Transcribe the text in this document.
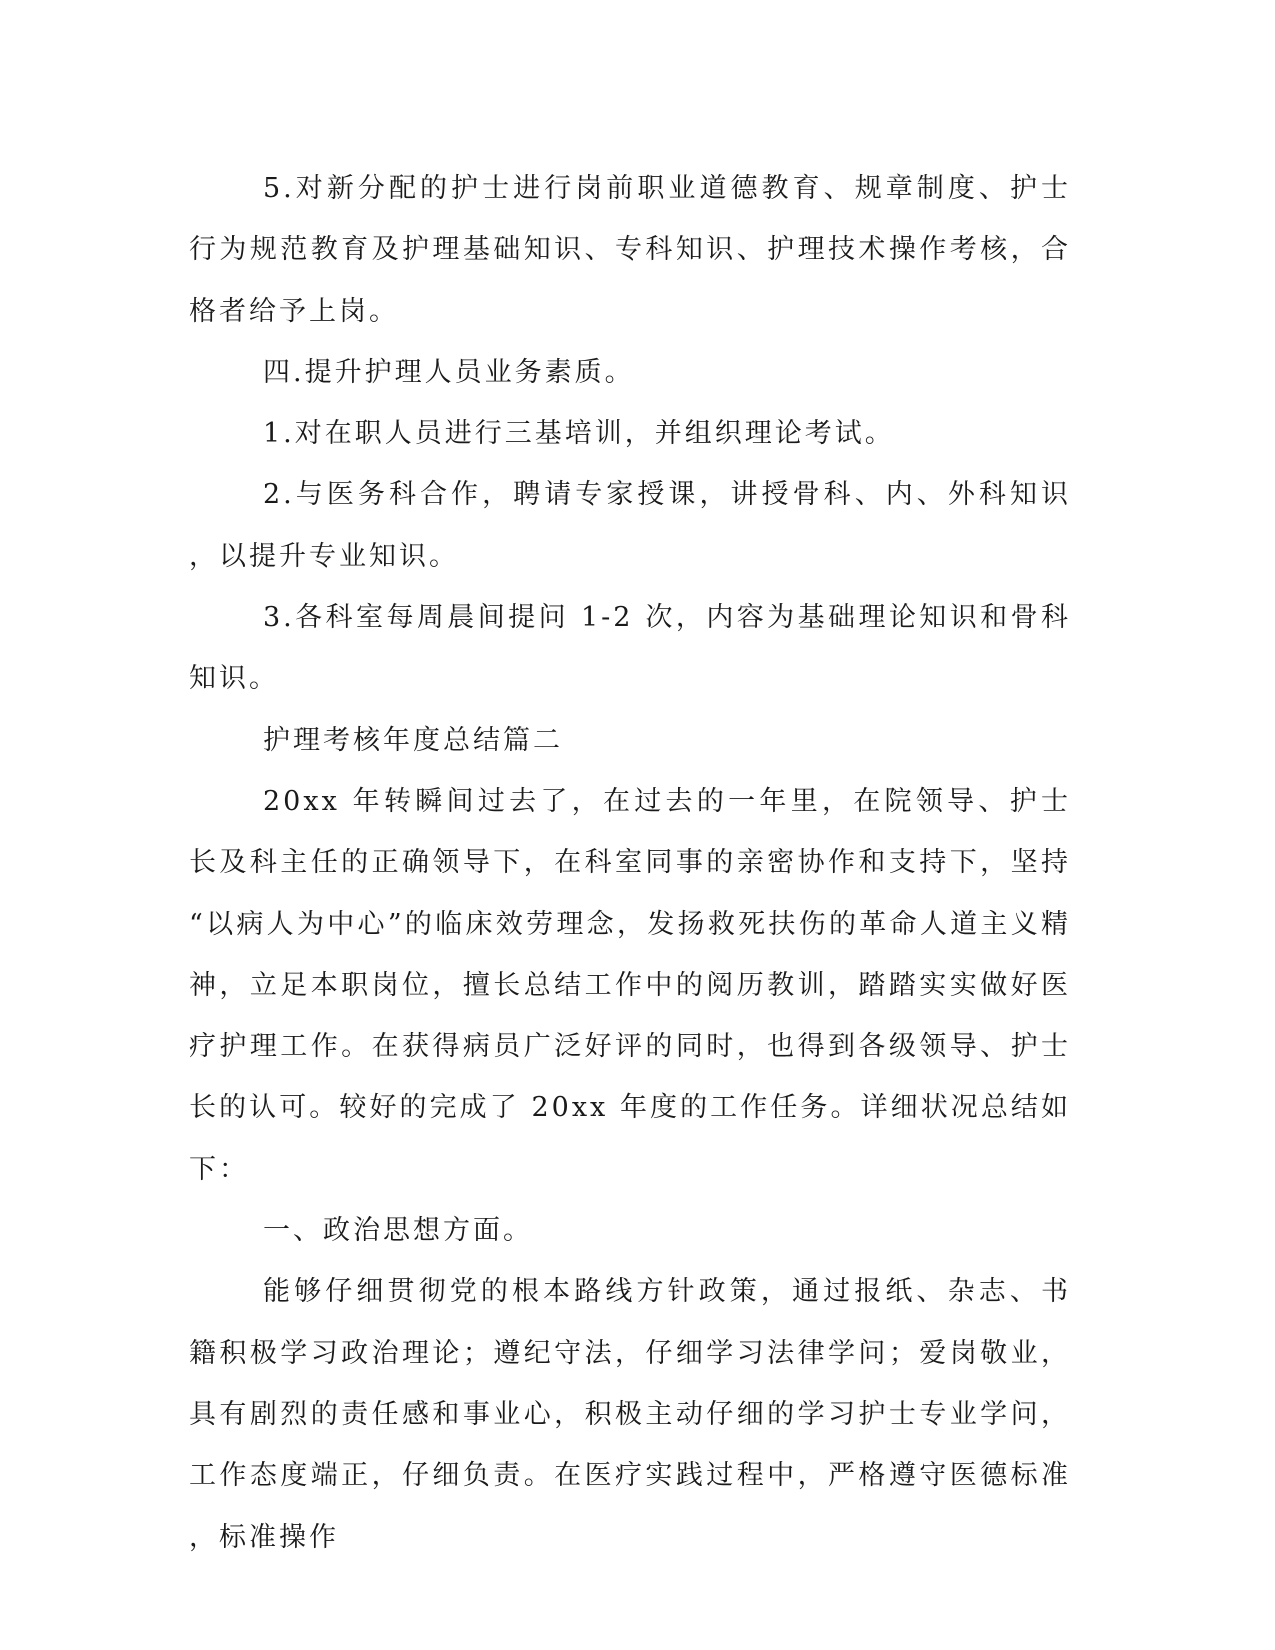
5.对新分配的护士进行岗前职业道德教育、规章制度、护士行为规范教育及护理基础知识、专科知识、护理技术操作考核，合格者给予上岗。

四.提升护理人员业务素质。

1.对在职人员进行三基培训，并组织理论考试。

2.与医务科合作，聘请专家授课，讲授骨科、内、外科知识，以提升专业知识。

3.各科室每周晨间提问 1-2 次，内容为基础理论知识和骨科知识。

护理考核年度总结篇二

20xx 年转瞬间过去了，在过去的一年里，在院领导、护士长及科主任的正确领导下，在科室同事的亲密协作和支持下，坚持“以病人为中心”的临床效劳理念，发扬救死扶伤的革命人道主义精神，立足本职岗位，擅长总结工作中的阅历教训，踏踏实实做好医疗护理工作。在获得病员广泛好评的同时，也得到各级领导、护士长的认可。较好的完成了 20xx 年度的工作任务。详细状况总结如下：

一、政治思想方面。

能够仔细贯彻党的根本路线方针政策，通过报纸、杂志、书籍积极学习政治理论；遵纪守法，仔细学习法律学问；爱岗敬业，具有剧烈的责任感和事业心，积极主动仔细的学习护士专业学问，工作态度端正，仔细负责。在医疗实践过程中，严格遵守医德标准，标准操作
